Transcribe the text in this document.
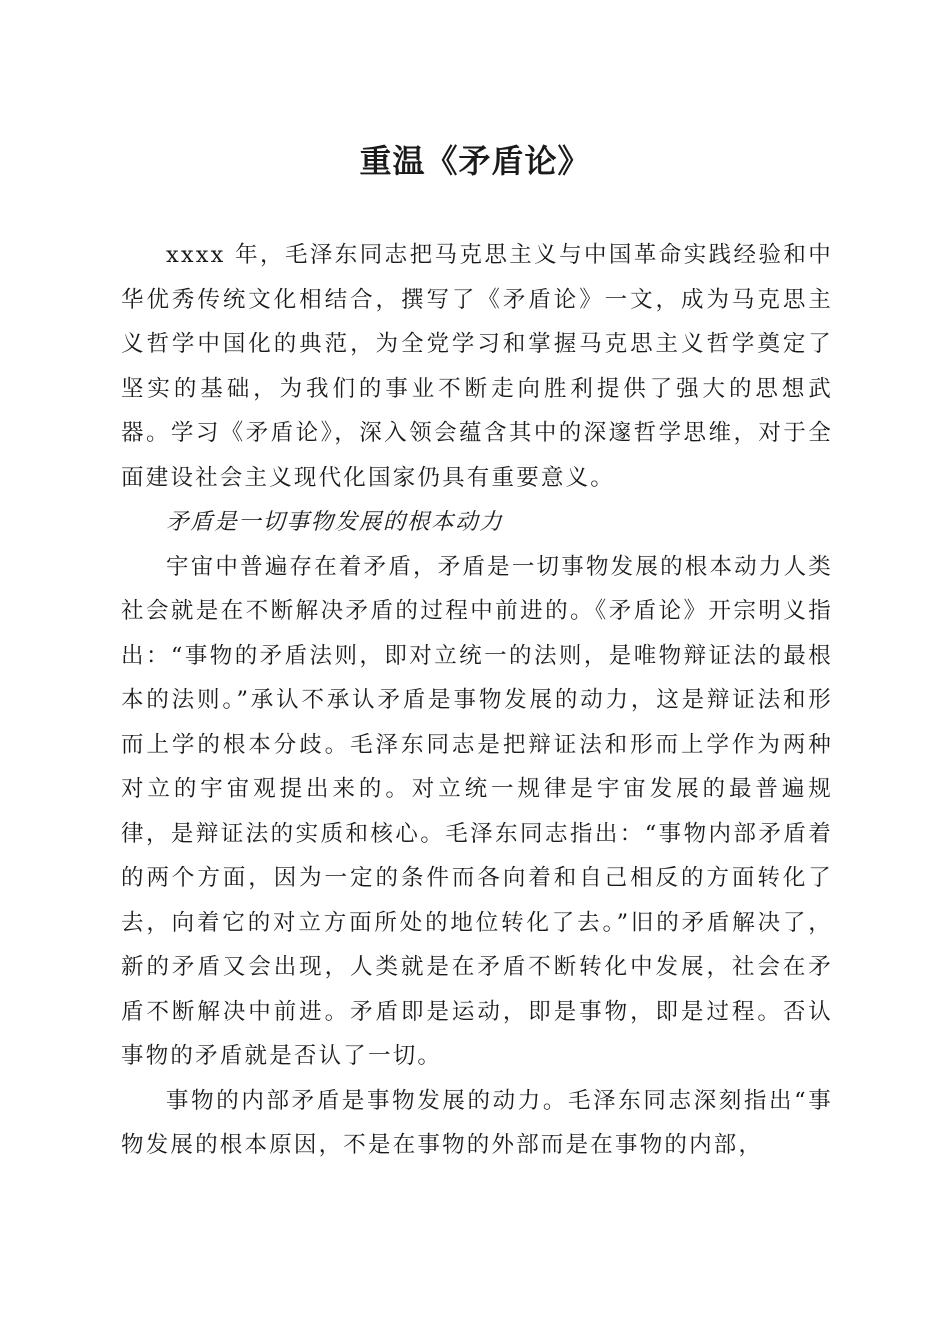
重温《矛盾论》

xxxx 年，毛泽东同志把马克思主义与中国革命实践经验和中华优秀传统文化相结合，撰写了《矛盾论》一文，成为马克思主义哲学中国化的典范，为全党学习和掌握马克思主义哲学奠定了坚实的基础，为我们的事业不断走向胜利提供了强大的思想武器。学习《矛盾论》，深入领会蕴含其中的深邃哲学思维，对于全面建设社会主义现代化国家仍具有重要意义。

矛盾是一切事物发展的根本动力

宇宙中普遍存在着矛盾，矛盾是一切事物发展的根本动力人类社会就是在不断解决矛盾的过程中前进的。《矛盾论》开宗明义指出：“事物的矛盾法则，即对立统一的法则，是唯物辩证法的最根本的法则。”承认不承认矛盾是事物发展的动力，这是辩证法和形而上学的根本分歧。毛泽东同志是把辩证法和形而上学作为两种对立的宇宙观提出来的。对立统一规律是宇宙发展的最普遍规律，是辩证法的实质和核心。毛泽东同志指出：“事物内部矛盾着的两个方面，因为一定的条件而各向着和自己相反的方面转化了去，向着它的对立方面所处的地位转化了去。”旧的矛盾解决了，新的矛盾又会出现，人类就是在矛盾不断转化中发展，社会在矛盾不断解决中前进。矛盾即是运动，即是事物，即是过程。否认事物的矛盾就是否认了一切。

事物的内部矛盾是事物发展的动力。毛泽东同志深刻指出“事物发展的根本原因，不是在事物的外部而是在事物的内部，
